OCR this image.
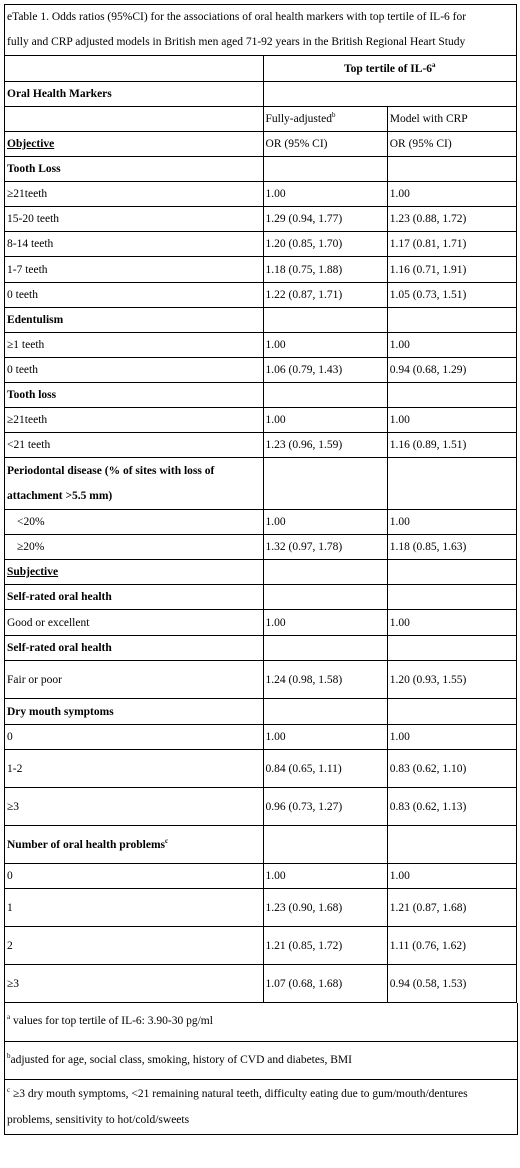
eTable 1. Odds ratios (95%CI) for the associations of oral health markers with top tertile of IL-6 for
fully and CRP adjusted models in British men aged 71-92 years in the British Regional Heart Study		

	Top tertile of IL-6$^a$
Oral Health Markers		
	Fully-adjusted$^b$	Model with CRP
Objective	OR (95% CI)	OR (95% CI)
Tooth Loss		
≥21teeth	1.00	1.00
15-20 teeth	1.29 (0.94, 1.77)	1.23 (0.88, 1.72)
8-14 teeth	1.20 (0.85, 1.70)	1.17 (0.81, 1.71)
1-7 teeth	1.18 (0.75, 1.88)	1.16 (0.71, 1.91)
0 teeth	1.22 (0.87, 1.71)	1.05 (0.73, 1.51)
Edentulism		
≥1 teeth	1.00	1.00
0 teeth	1.06 (0.79, 1.43)	0.94 (0.68, 1.29)
Tooth loss		
≥21teeth	1.00	1.00
<21 teeth	1.23 (0.96, 1.59)	1.16 (0.89, 1.51)
Periodontal disease (% of sites with loss of attachment >5.5 mm)		
<20%	1.00	1.00
≥20%	1.32 (0.97, 1.78)	1.18 (0.85, 1.63)
Subjective		
Self-rated oral health		
Good or excellent	1.00	1.00
Self-rated oral health		
Fair or poor	1.24 (0.98, 1.58)	1.20 (0.93, 1.55)
Dry mouth symptoms		
0	1.00	1.00
1-2	0.84 (0.65, 1.11)	0.83 (0.62, 1.10)
≥3	0.96 (0.73, 1.27)	0.83 (0.62, 1.13)
Number of oral health problems$^c$		
0	1.00	1.00
1	1.23 (0.90, 1.68)	1.21 (0.87, 1.68)
2	1.21 (0.85, 1.72)	1.11 (0.76, 1.62)
≥3	1.07 (0.68, 1.68)	0.94 (0.58, 1.53)
$^a$ values for top tertile of IL-6: 3.90-30 pg/ml
$^b$adjusted for age, social class, smoking, history of CVD and diabetes, BMI
$^c$ ≥3 dry mouth symptoms, <21 remaining natural teeth, difficulty eating due to gum/mouth/dentures problems, sensitivity to hot/cold/sweets
